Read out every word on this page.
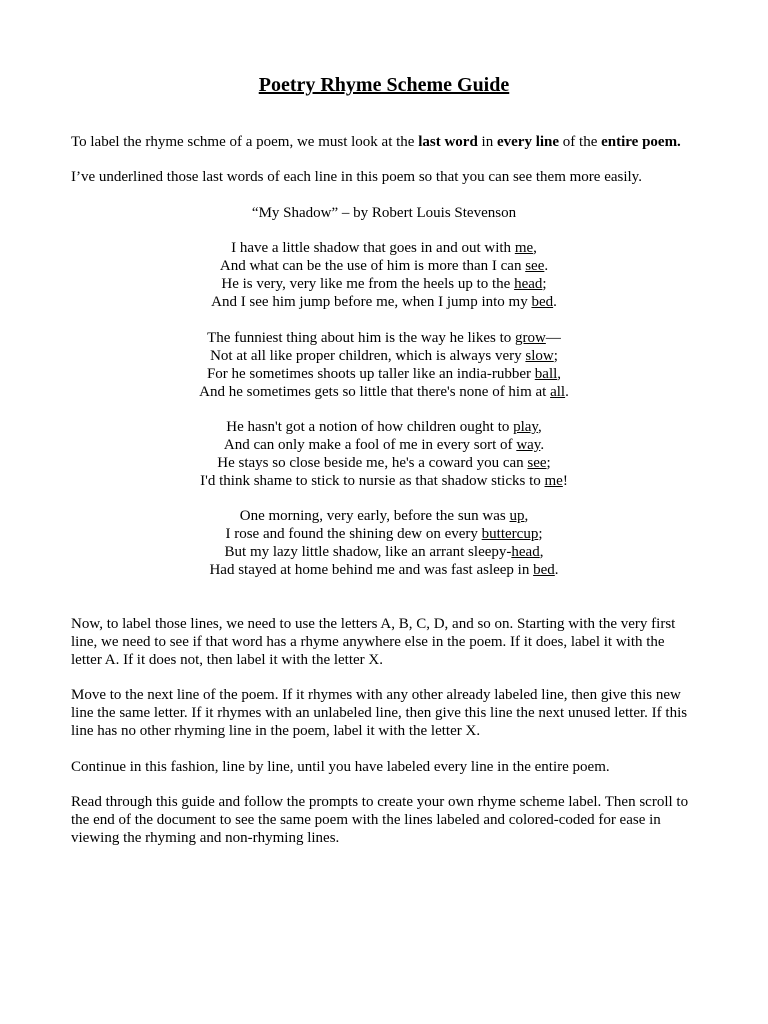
Poetry Rhyme Scheme Guide

To label the rhyme schme of a poem, we must look at the last word in every line of the entire poem.

I’ve underlined those last words of each line in this poem so that you can see them more easily.

“My Shadow” – by Robert Louis Stevenson
I have a little shadow that goes in and out with me,
And what can be the use of him is more than I can see.
He is very, very like me from the heels up to the head;
And I see him jump before me, when I jump into my bed.
The funniest thing about him is the way he likes to grow—
Not at all like proper children, which is always very slow;
For he sometimes shoots up taller like an india-rubber ball,
And he sometimes gets so little that there's none of him at all.
He hasn't got a notion of how children ought to play,
And can only make a fool of me in every sort of way.
He stays so close beside me, he's a coward you can see;
I'd think shame to stick to nursie as that shadow sticks to me!
One morning, very early, before the sun was up,
I rose and found the shining dew on every buttercup;
But my lazy little shadow, like an arrant sleepy-head,
Had stayed at home behind me and was fast asleep in bed.

Now, to label those lines, we need to use the letters A, B, C, D, and so on. Starting with the very first line, we need to see if that word has a rhyme anywhere else in the poem. If it does, label it with the letter A. If it does not, then label it with the letter X.

Move to the next line of the poem. If it rhymes with any other already labeled line, then give this new line the same letter. If it rhymes with an unlabeled line, then give this line the next unused letter. If this line has no other rhyming line in the poem, label it with the letter X.

Continue in this fashion, line by line, until you have labeled every line in the entire poem.

Read through this guide and follow the prompts to create your own rhyme scheme label. Then scroll to the end of the document to see the same poem with the lines labeled and colored-coded for ease in viewing the rhyming and non-rhyming lines.
